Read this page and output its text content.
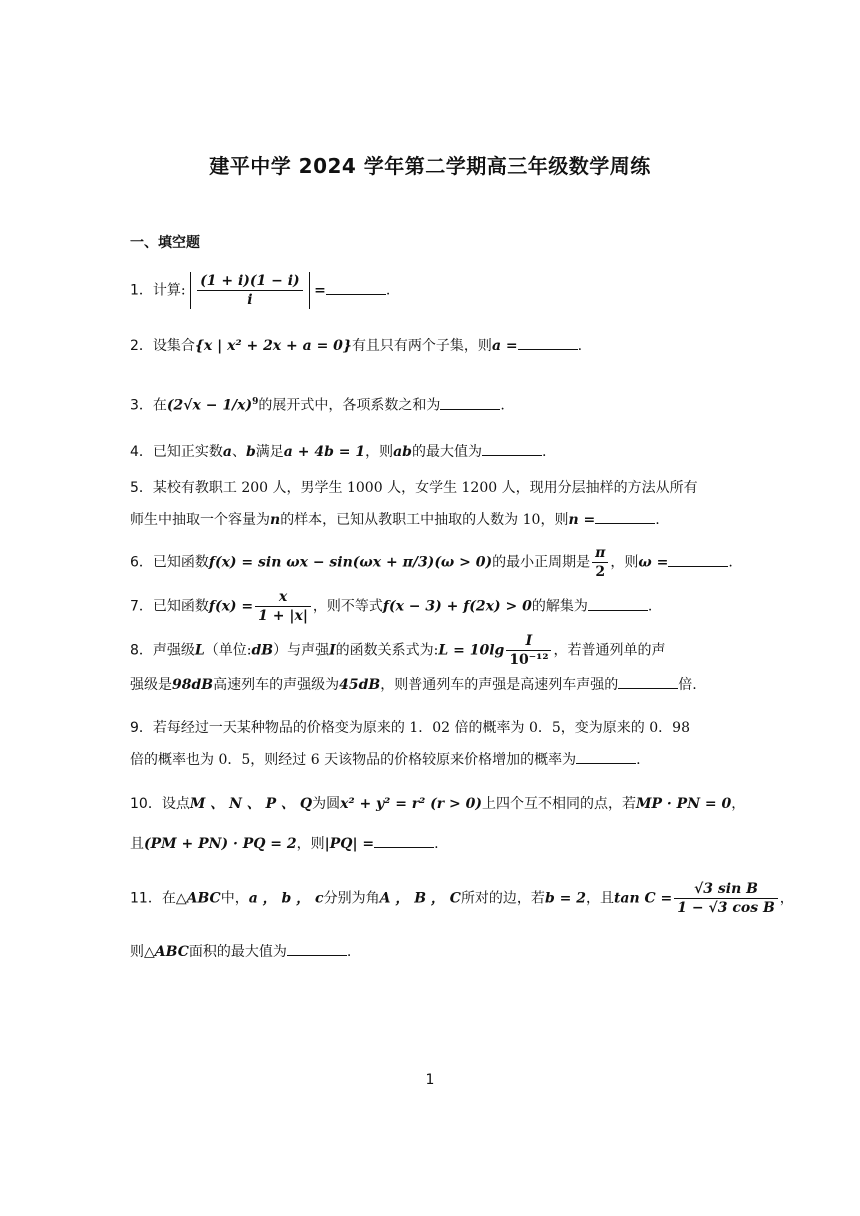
建平中学 2024 学年第二学期高三年级数学周练
一、填空题
1．计算: $\frac{(1 + i)(1 - i)}{i}$ =	.
2．设集合{x | x² + 2x + a = 0}有且只有两个子集，则a =	.
3．在$(2√x - 1/x)^9$的展开式中，各项系数之和为	.
4．已知正实数a、b满足a + 4b = 1，则ab的最大值为	.
5．某校有教职工 200 人，男学生 1000 人，女学生 1200 人，现用分层抽样的方法从所有
师生中抽取一个容量为n的样本，已知从教职工中抽取的人数为 10，则n =	.
6．已知函数f(x) = sin ωx − sin(ωx + π/3)(ω > 0)的最小正周期是 $\frac{\pi}{2}$ ，则ω =	.
7．已知函数$f(x) = \frac{x}{1 + |x|}$ ，则不等式f(x − 3) + f(2x) > 0的解集为	.
8．声强级L（单位:dB）与声强I的函数关系式为:L = $10\lg \frac{I}{\text{10⁻¹²}}$ ，若普通列单的声
强级是98dB高速列车的声强级为45dB，则普通列车的声强是高速列车声强的	倍.
9．若每经过一天某种物品的价格变为原来的 1．02 倍的概率为 0．5，变为原来的 0．98
倍的概率也为 0．5，则经过 6 天该物品的价格较原来价格增加的概率为	.
10．设点M 、 N 、 P 、 Q为圆x² + y² = r² (r > 0)上四个互不相同的点，若MP · PN = 0，
且(PM + PN) · PQ = 2，则|PQ| =	.
11．在△ABC中，a ， b ， c分别为角A ， B ， C所对的边，若b = 2，且$\tan C = \frac{\text{√3 sin B}}{\text{1 − √3 cos B}}$ ，
则△ABC面积的最大值为	.
1
